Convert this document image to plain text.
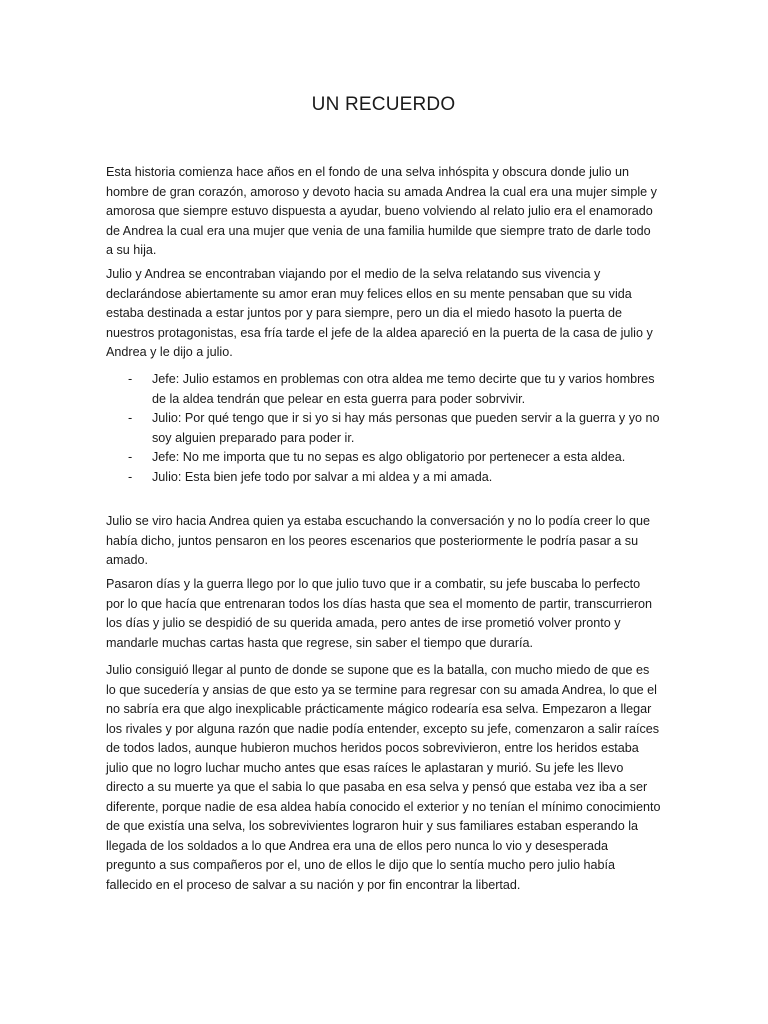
UN RECUERDO

Esta historia comienza hace años en el fondo de una selva inhóspita y obscura donde julio un hombre de gran corazón, amoroso y devoto hacia su amada Andrea la cual era una mujer simple y amorosa que siempre estuvo dispuesta a ayudar, bueno volviendo al relato julio era el enamorado de Andrea la cual era una mujer que venia de una familia humilde que siempre trato de darle todo a su hija.

Julio y Andrea se encontraban viajando por el medio de la selva relatando sus vivencia y declarándose abiertamente su amor eran muy felices ellos en su mente pensaban que su vida estaba destinada a estar juntos por y para siempre, pero un dia el miedo hasoto la puerta de nuestros protagonistas, esa fría tarde el jefe de la aldea apareció en la puerta de la casa de julio y Andrea y le dijo a julio.

- Jefe: Julio estamos en problemas con otra aldea me temo decirte que tu y varios hombres de la aldea tendrán que pelear en esta guerra para poder sobrvivir.
- Julio: Por qué tengo que ir si yo si hay más personas que pueden servir a la guerra y yo no soy alguien preparado para poder ir.
- Jefe: No me importa que tu no sepas es algo obligatorio por pertenecer a esta aldea.
- Julio: Esta bien jefe todo por salvar a mi aldea y a mi amada.

Julio se viro hacia Andrea quien ya estaba escuchando la conversación y no lo podía creer lo que había dicho, juntos pensaron en los peores escenarios que posteriormente le podría pasar a su amado.

Pasaron días y la guerra llego por lo que julio tuvo que ir a combatir, su jefe buscaba lo perfecto por lo que hacía que entrenaran todos los días hasta que sea el momento de partir, transcurrieron los días y julio se despidió de su querida amada, pero antes de irse prometió volver pronto y mandarle muchas cartas hasta que regrese, sin saber el tiempo que duraría.

Julio consiguió llegar al punto de donde se supone que es la batalla, con mucho miedo de que es lo que sucedería y ansias de que esto ya se termine para regresar con su amada Andrea, lo que el no sabría era que algo inexplicable prácticamente mágico rodearía esa selva. Empezaron a llegar los rivales y por alguna razón que nadie podía entender, excepto su jefe, comenzaron a salir raíces de todos lados, aunque hubieron muchos heridos pocos sobrevivieron, entre los heridos estaba julio que no logro luchar mucho antes que esas raíces le aplastaran y murió. Su jefe les llevo directo a su muerte ya que el sabia lo que pasaba en esa selva y pensó que estaba vez iba a ser diferente, porque nadie de esa aldea había conocido el exterior y no tenían el mínimo conocimiento de que existía una selva, los sobrevivientes lograron huir y sus familiares estaban esperando la llegada de los soldados a lo que Andrea era una de ellos pero nunca lo vio y desesperada pregunto a sus compañeros por el, uno de ellos le dijo que lo sentía mucho pero julio había fallecido en el proceso de salvar a su nación y por fin encontrar la libertad.
